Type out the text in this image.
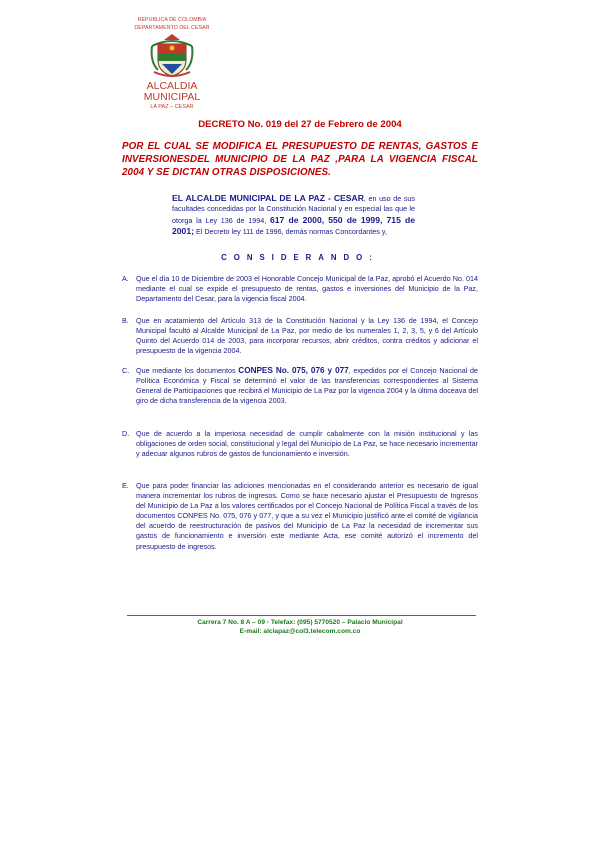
REPUBLICA DE COLOMBIA
DEPARTAMENTO DEL CESAR
ALCALDIA MUNICIPAL
LA PAZ – CESAR
DECRETO No. 019 del 27 de Febrero de 2004
POR EL CUAL SE MODIFICA EL PRESUPUESTO DE RENTAS, GASTOS E INVERSIONESDEL MUNICIPIO DE LA PAZ ,PARA LA VIGENCIA FISCAL 2004 Y SE DICTAN OTRAS DISPOSICIONES.
EL ALCALDE MUNICIPAL DE LA PAZ - CESAR, en uso de sus facultades concedidas por la Constitución Nacional y en especial las que le otorga la Ley 136 de 1994, 617 de 2000, 550 de 1999, 715 de 2001; El Decreto ley 111 de 1996, demás normas Concordantes y,
CONSIDERANDO:
A.	Que el día 10 de Diciembre de 2003 el Honorable Concejo Municipal de la Paz, aprobó el Acuerdo No. 014 mediante el cual se expide el presupuesto de rentas, gastos e inversiones del Municipio de la Paz, Departamento del Cesar, para la vigencia fiscal 2004.
B.	Que en acatamiento del Artículo 313 de la Constitución Nacional y la Ley 136 de 1994, el Concejo Municipal facultó al Alcalde Municipal de La Paz, por medio de los numerales 1, 2, 3, 5, y 6 del Artículo Quinto del Acuerdo 014 de 2003, para incorporar recursos, abrir créditos, contra créditos y adicionar el presupuesto de la vigencia 2004.
C. Que mediante los documentos CONPES No. 075, 076 y 077, expedidos por el Concejo Nacional de Política Económica y Fiscal se determinó el valor de las transferencias correspondientes al Sistema General de Participaciones que recibirá el Municipio de La Paz por la vigencia 2004 y la última doceava del giro de dicha transferencia de la vigencia 2003.
D. Que de acuerdo a la imperiosa necesidad de cumplir cabalmente con la misión institucional y las obligaciones de orden social, constitucional y legal del Municipio de La Paz, se hace necesario incrementar y adecuar algunos rubros de gastos de funcionamiento e inversión.
E.	Que para poder financiar las adiciones mencionadas en el considerando anterior es necesario de igual manera incrementar los rubros de ingresos. Como se hace necesario ajustar el Presupuesto de Ingresos del Municipio de La Paz a los valores certificados por el Concejo Nacional de Política Fiscal a través de los documentos CONPES No. 075, 076 y 077, y que a su vez el Municipio justificó ante el comité de vigilancia del acuerdo de reestructuración de pasivos del Municipio de La Paz la necesidad de incrementar sus gastos de funcionamiento e inversión este mediante Acta, ese comité autorizó el incremento del presupuesto de ingresos.
Carrera 7 No. 8 A – 09 - Telefax: (095) 5770520 – Palacio Municipal
E-mail: alclapaz@col3.telecom.com.co
